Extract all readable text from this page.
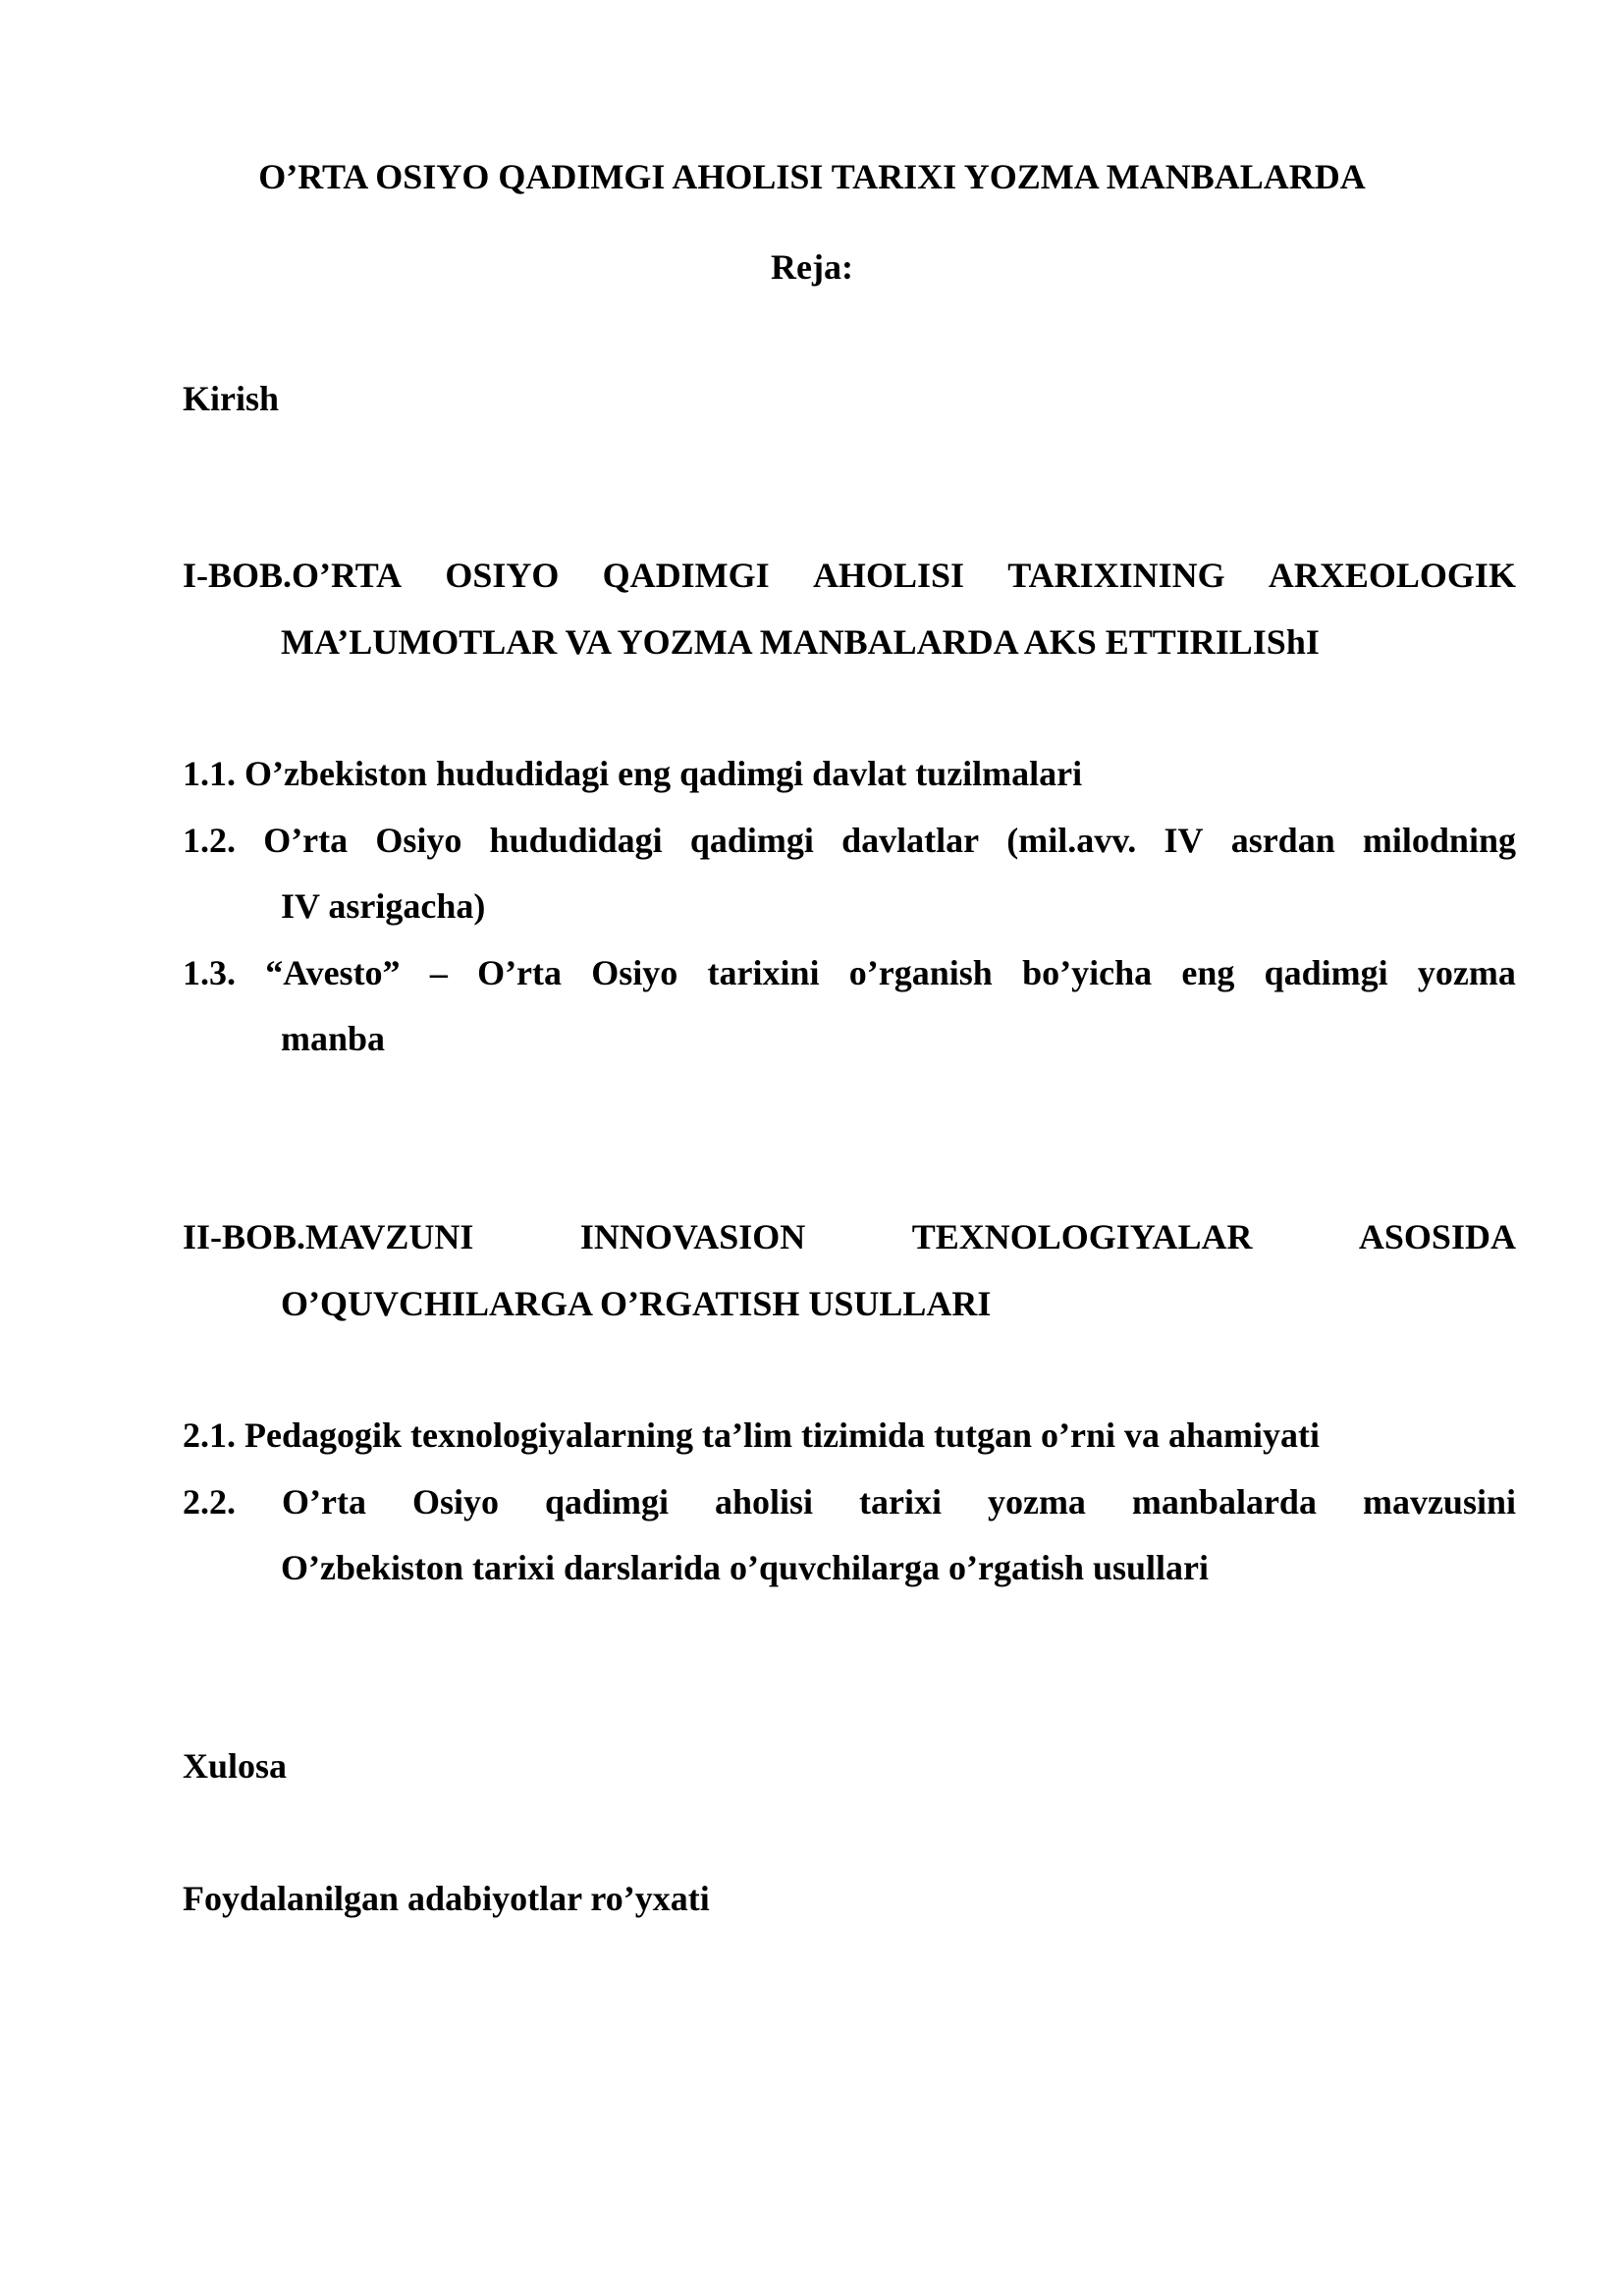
O’RTA OSIYO QADIMGI AHOLISI TARIXI YOZMA MANBALARDA
Reja:
Kirish
I-BOB.O’RTA OSIYO QADIMGI AHOLISI TARIXINING ARXEOLOGIK
MA’LUMOTLAR VA YOZMA MANBALARDA AKS ETTIRILIShI
1.1. O’zbekiston hududidagi eng qadimgi davlat tuzilmalari
1.2. O’rta Osiyo hududidagi qadimgi davlatlar (mil.avv. IV asrdan milodning
IV asrigacha)
1.3. “Avesto” – O’rta Osiyo tarixini o’rganish bo’yicha eng qadimgi yozma
manba
II-BOB.MAVZUNI	INNOVASION	TEXNOLOGIYALAR	ASOSIDA
O’QUVCHILARGA O’RGATISH USULLARI
2.1. Pedagogik texnologiyalarning ta’lim tizimida tutgan o’rni va ahamiyati
2.2. O’rta Osiyo qadimgi aholisi tarixi yozma manbalarda mavzusini
O’zbekiston tarixi darslarida o’quvchilarga o’rgatish usullari
Xulosa
Foydalanilgan adabiyotlar ro’yxati
